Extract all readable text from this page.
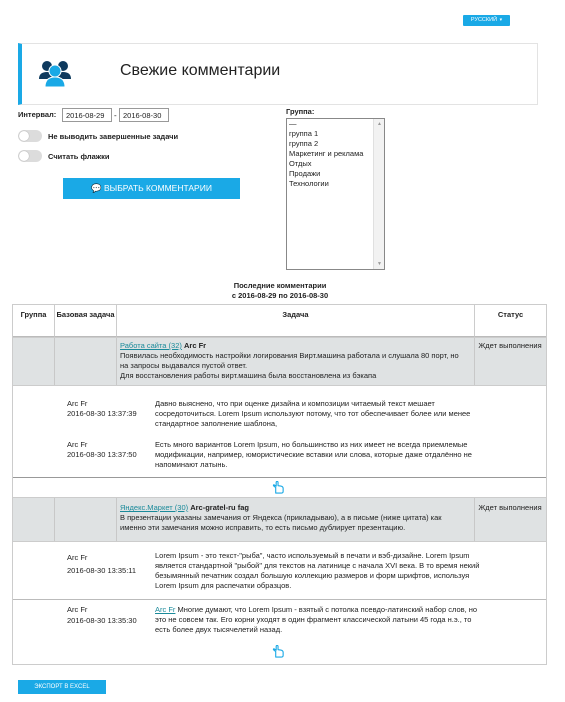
РУССКИЙ ▾
Свежие комментарии
Интервал:
2016-08-29	-
2016-08-30
Не выводить завершенные задачи
Считать флажки
💬 ВЫБРАТЬ КОММЕНТАРИИ
Группа:
—
группа 1
группа 2
Маркетинг и реклама
Отдых
Продажи
Технологии
▲
▼
Последние комментарии
с 2016-08-29 по 2016-08-30
Группа	Базовая задача	Задача	Статус
Работа сайта (32) Arc Fr
Появилась необходимость настройки логирования Вирт.машина работала и слушала 80 порт, но
на запросы выдавался пустой ответ.
Для восстановления работы вирт.машина была восстановлена из бэкапа
Ждет выполнения
Arc Fr
2016-08-30 13:37:39
Давно выяснено, что при оценке дизайна и композиции читаемый текст мешает
сосредоточиться. Lorem Ipsum используют потому, что тот обеспечивает более или менее
стандартное заполнение шаблона,
Arc Fr
2016-08-30 13:37:50
Есть много вариантов Lorem Ipsum, но большинство из них имеет не всегда приемлемые
модификации, например, юмористические вставки или слова, которые даже отдалённо не
напоминают латынь.
Яндекс.Маркет (30) Arc-gratel-ru fag
В презентации указаны замечания от Яндекса (прикладываю), а в письме (ниже цитата) как
именно эти замечания можно исправить, то есть письмо дублирует презентацию.
Ждет выполнения
Arc Fr
2016-08-30 13:35:11
Lorem Ipsum - это текст-"рыба", часто используемый в печати и вэб-дизайне. Lorem Ipsum
является стандартной "рыбой" для текстов на латинице с начала XVI века. В то время некий
безымянный печатник создал большую коллекцию размеров и форм шрифтов, используя
Lorem Ipsum для распечатки образцов.
Arc Fr
2016-08-30 13:35:30
Arc Fr Многие думают, что Lorem Ipsum - взятый с потолка псевдо-латинский набор слов, но
это не совсем так. Его корни уходят в один фрагмент классической латыни 45 года н.э., то
есть более двух тысячелетий назад.
ЭКСПОРТ В EXCEL
